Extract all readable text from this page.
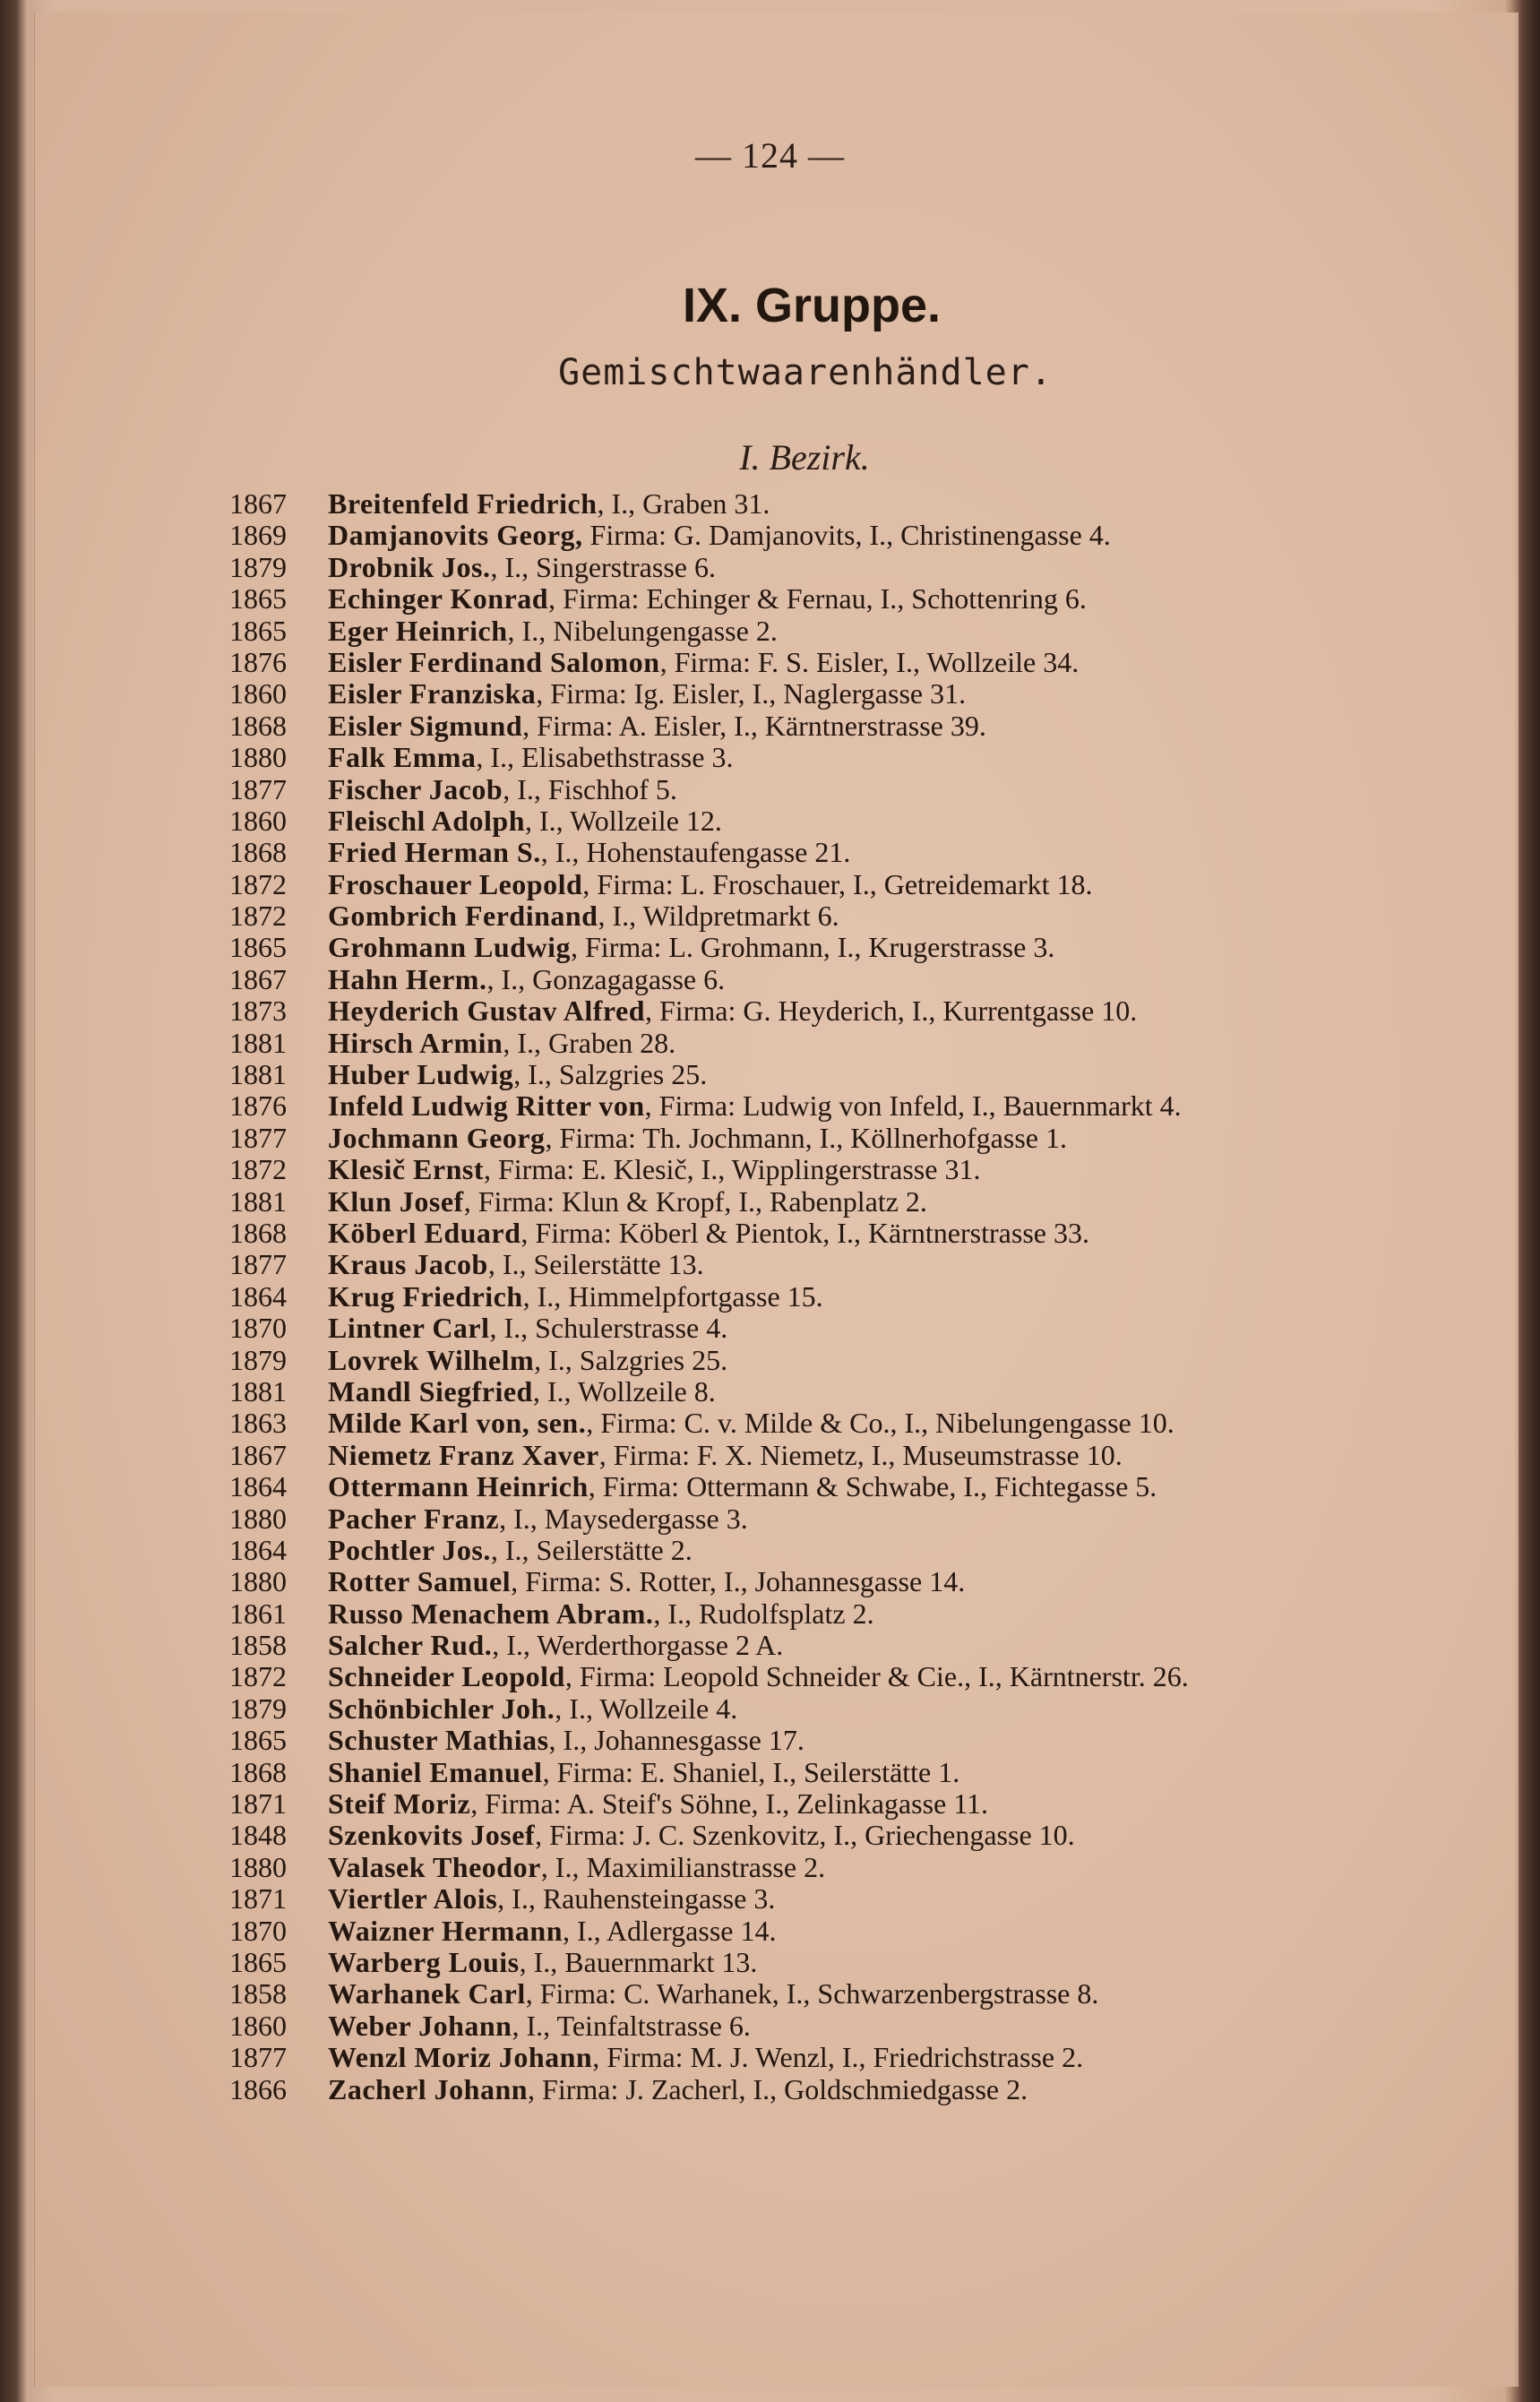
— 124 —
IX. Gruppe.
Gemischtwaarenhändler.
I. Bezirk.
1867	Breitenfeld Friedrich, I., Graben 31.
1869	Damjanovits Georg, Firma: G. Damjanovits, I., Christinengasse 4.
1879	Drobnik Jos., I., Singerstrasse 6.
1865	Echinger Konrad, Firma: Echinger & Fernau, I., Schottenring 6.
1865	Eger Heinrich, I., Nibelungengasse 2.
1876	Eisler Ferdinand Salomon, Firma: F. S. Eisler, I., Wollzeile 34.
1860	Eisler Franziska, Firma: Ig. Eisler, I., Naglergasse 31.
1868	Eisler Sigmund, Firma: A. Eisler, I., Kärntnerstrasse 39.
1880	Falk Emma, I., Elisabethstrasse 3.
1877	Fischer Jacob, I., Fischhof 5.
1860	Fleischl Adolph, I., Wollzeile 12.
1868	Fried Herman S., I., Hohenstaufengasse 21.
1872	Froschauer Leopold, Firma: L. Froschauer, I., Getreidemarkt 18.
1872	Gombrich Ferdinand, I., Wildpretmarkt 6.
1865	Grohmann Ludwig, Firma: L. Grohmann, I., Krugerstrasse 3.
1867	Hahn Herm., I., Gonzagagasse 6.
1873	Heyderich Gustav Alfred, Firma: G. Heyderich, I., Kurrentgasse 10.
1881	Hirsch Armin, I., Graben 28.
1881	Huber Ludwig, I., Salzgries 25.
1876	Infeld Ludwig Ritter von, Firma: Ludwig von Infeld, I., Bauernmarkt 4.
1877	Jochmann Georg, Firma: Th. Jochmann, I., Köllnerhofgasse 1.
1872	Klesič Ernst, Firma: E. Klesič, I., Wipplingerstrasse 31.
1881	Klun Josef, Firma: Klun & Kropf, I., Rabenplatz 2.
1868	Köberl Eduard, Firma: Köberl & Pientok, I., Kärntnerstrasse 33.
1877	Kraus Jacob, I., Seilerstätte 13.
1864	Krug Friedrich, I., Himmelpfortgasse 15.
1870	Lintner Carl, I., Schulerstrasse 4.
1879	Lovrek Wilhelm, I., Salzgries 25.
1881	Mandl Siegfried, I., Wollzeile 8.
1863	Milde Karl von, sen., Firma: C. v. Milde & Co., I., Nibelungengasse 10.
1867	Niemetz Franz Xaver, Firma: F. X. Niemetz, I., Museumstrasse 10.
1864	Ottermann Heinrich, Firma: Ottermann & Schwabe, I., Fichtegasse 5.
1880	Pacher Franz, I., Maysedergasse 3.
1864	Pochtler Jos., I., Seilerstätte 2.
1880	Rotter Samuel, Firma: S. Rotter, I., Johannesgasse 14.
1861	Russo Menachem Abram., I., Rudolfsplatz 2.
1858	Salcher Rud., I., Werderthorgasse 2 A.
1872	Schneider Leopold, Firma: Leopold Schneider & Cie., I., Kärntnerstr. 26.
1879	Schönbichler Joh., I., Wollzeile 4.
1865	Schuster Mathias, I., Johannesgasse 17.
1868	Shaniel Emanuel, Firma: E. Shaniel, I., Seilerstätte 1.
1871	Steif Moriz, Firma: A. Steif's Söhne, I., Zelinkagasse 11.
1848	Szenkovits Josef, Firma: J. C. Szenkovitz, I., Griechengasse 10.
1880	Valasek Theodor, I., Maximilianstrasse 2.
1871	Viertler Alois, I., Rauhensteingasse 3.
1870	Waizner Hermann, I., Adlergasse 14.
1865	Warberg Louis, I., Bauernmarkt 13.
1858	Warhanek Carl, Firma: C. Warhanek, I., Schwarzenbergstrasse 8.
1860	Weber Johann, I., Teinfaltstrasse 6.
1877	Wenzl Moriz Johann, Firma: M. J. Wenzl, I., Friedrichstrasse 2.
1866	Zacherl Johann, Firma: J. Zacherl, I., Goldschmiedgasse 2.
